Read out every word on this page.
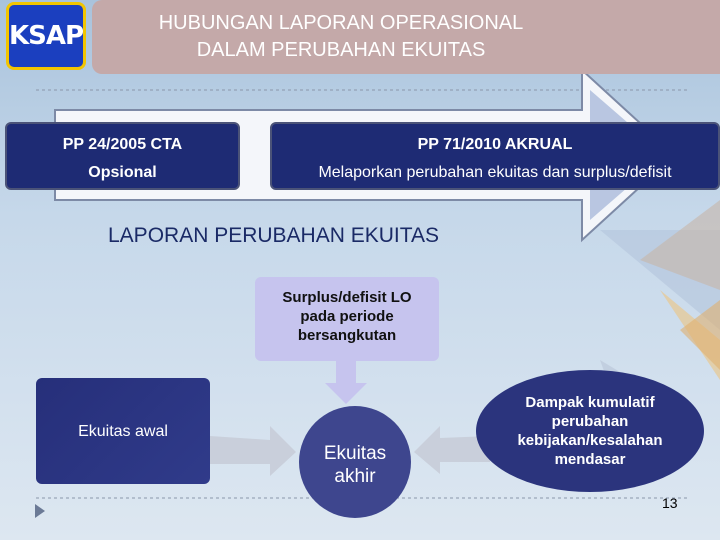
KSAP	HUBUNGAN LAPORAN OPERASIONAL
DALAM PERUBAHAN EKUITAS
PP 24/2005 CTA
Opsional
PP 71/2010 AKRUAL
Melaporkan perubahan ekuitas dan surplus/defisit
LAPORAN PERUBAHAN EKUITAS
Surplus/defisit LO
pada periode
bersangkutan
Ekuitas awal
Ekuitas
akhir
Dampak kumulatif
perubahan
kebijakan/kesalahan
mendasar
13
